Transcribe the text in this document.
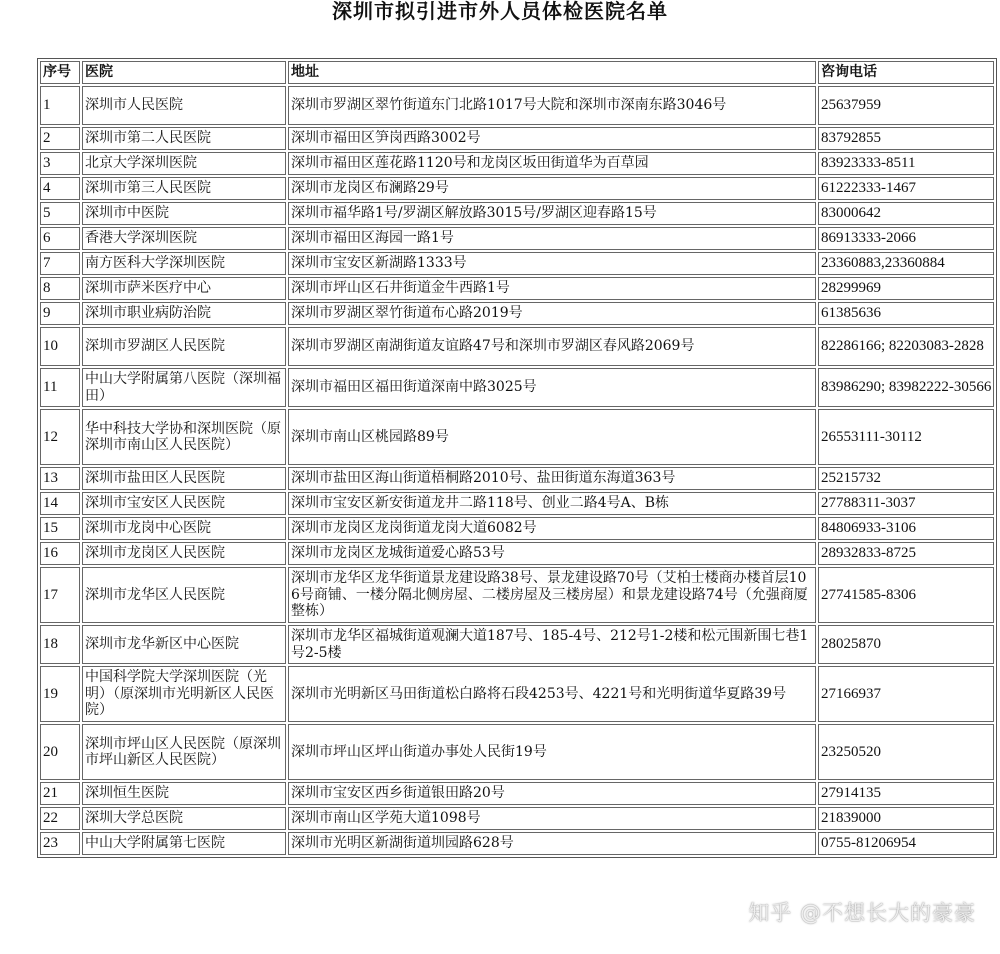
深圳市拟引进市外人员体检医院名单
序号	医院	地址	咨询电话
1	深圳市人民医院	深圳市罗湖区翠竹街道东门北路1017号大院和深圳市深南东路3046号	25637959
2	深圳市第二人民医院	深圳市福田区笋岗西路3002号	83792855
3	北京大学深圳医院	深圳市福田区莲花路1120号和龙岗区坂田街道华为百草园	83923333-8511
4	深圳市第三人民医院	深圳市龙岗区布澜路29号	61222333-1467
5	深圳市中医院	深圳市福华路1号/罗湖区解放路3015号/罗湖区迎春路15号	83000642
6	香港大学深圳医院	深圳市福田区海园一路1号	86913333-2066
7	南方医科大学深圳医院	深圳市宝安区新湖路1333号	23360883,23360884
8	深圳市萨米医疗中心	深圳市坪山区石井街道金牛西路1号	28299969
9	深圳市职业病防治院	深圳市罗湖区翠竹街道布心路2019号	61385636
10	深圳市罗湖区人民医院	深圳市罗湖区南湖街道友谊路47号和深圳市罗湖区春风路2069号	82286166; 82203083-2828
11	中山大学附属第八医院（深圳福田）	深圳市福田区福田街道深南中路3025号	83986290; 83982222-30566
12	华中科技大学协和深圳医院（原深圳市南山区人民医院）	深圳市南山区桃园路89号	26553111-30112
13	深圳市盐田区人民医院	深圳市盐田区海山街道梧桐路2010号、盐田街道东海道363号	25215732
14	深圳市宝安区人民医院	深圳市宝安区新安街道龙井二路118号、创业二路4号A、B栋	27788311-3037
15	深圳市龙岗中心医院	深圳市龙岗区龙岗街道龙岗大道6082号	84806933-3106
16	深圳市龙岗区人民医院	深圳市龙岗区龙城街道爱心路53号	28932833-8725
17	深圳市龙华区人民医院	深圳市龙华区龙华街道景龙建设路38号、景龙建设路70号（艾柏士楼商办楼首层106号商铺、一楼分隔北侧房屋、二楼房屋及三楼房屋）和景龙建设路74号（允强商厦整栋）	27741585-8306
18	深圳市龙华新区中心医院	深圳市龙华区福城街道观澜大道187号、185-4号、212号1-2楼和松元围新围七巷1号2-5楼	28025870
19	中国科学院大学深圳医院（光明）（原深圳市光明新区人民医院）	深圳市光明新区马田街道松白路将石段4253号、4221号和光明街道华夏路39号	27166937
20	深圳市坪山区人民医院（原深圳市坪山新区人民医院）	深圳市坪山区坪山街道办事处人民街19号	23250520
21	深圳恒生医院	深圳市宝安区西乡街道银田路20号	27914135
22	深圳大学总医院	深圳市南山区学苑大道1098号	21839000
23	中山大学附属第七医院	深圳市光明区新湖街道圳园路628号	0755-81206954
知乎 @不想长大的豪豪
